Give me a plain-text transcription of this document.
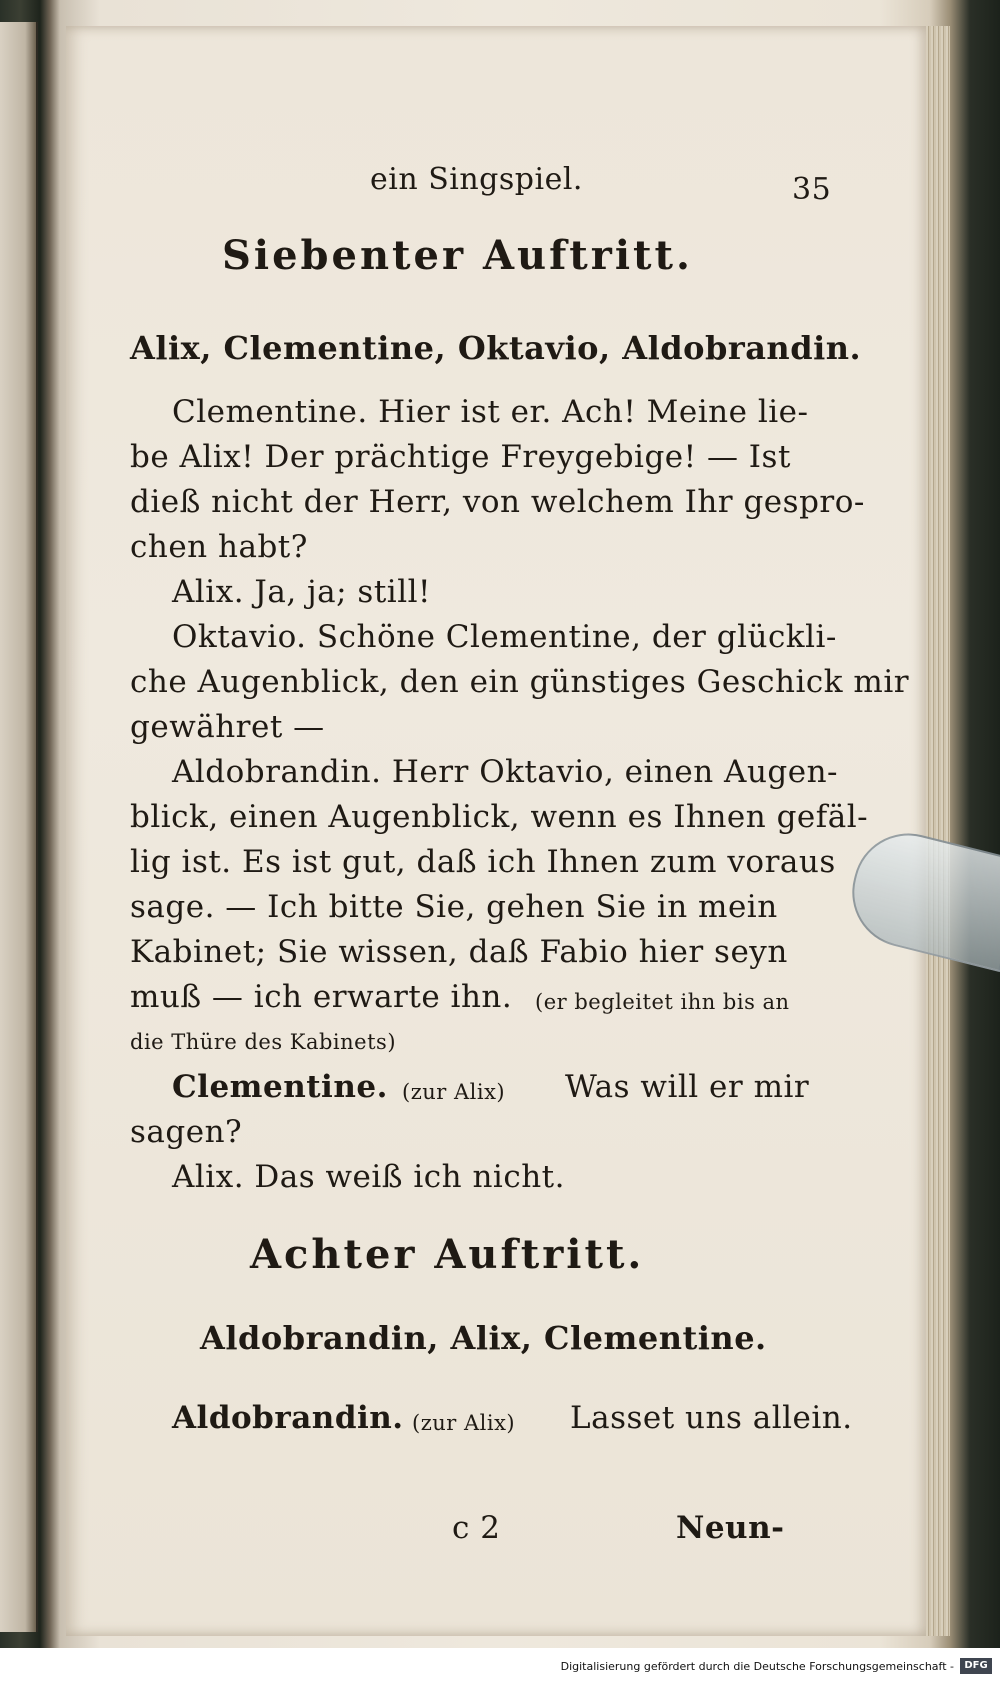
ein Singspiel.	35
Siebenter Auftritt.
Alix, Clementine, Oktavio, Aldobrandin.
Clementine. Hier ist er. Ach! Meine lie-
be Alix! Der prächtige Freygebige! — Ist
dieß nicht der Herr, von welchem Ihr gespro-
chen habt?
Alix. Ja, ja; still!
Oktavio. Schöne Clementine, der glückli-
che Augenblick, den ein günstiges Geschick mir
gewähret —
Aldobrandin. Herr Oktavio, einen Augen-
blick, einen Augenblick, wenn es Ihnen gefäl-
lig ist. Es ist gut, daß ich Ihnen zum voraus
sage. — Ich bitte Sie, gehen Sie in mein
Kabinet; Sie wissen, daß Fabio hier seyn
muß — ich erwarte ihn. (er begleitet ihn bis an
die Thüre des Kabinets)
Clementine. (zur Alix) Was will er mir
sagen?
Alix. Das weiß ich nicht.
Achter Auftritt.
Aldobrandin, Alix, Clementine.
Aldobrandin. (zur Alix) Lasset uns allein.
c 2	Neun-
Digitalisierung gefördert durch die Deutsche Forschungsgemeinschaft -	DFG
